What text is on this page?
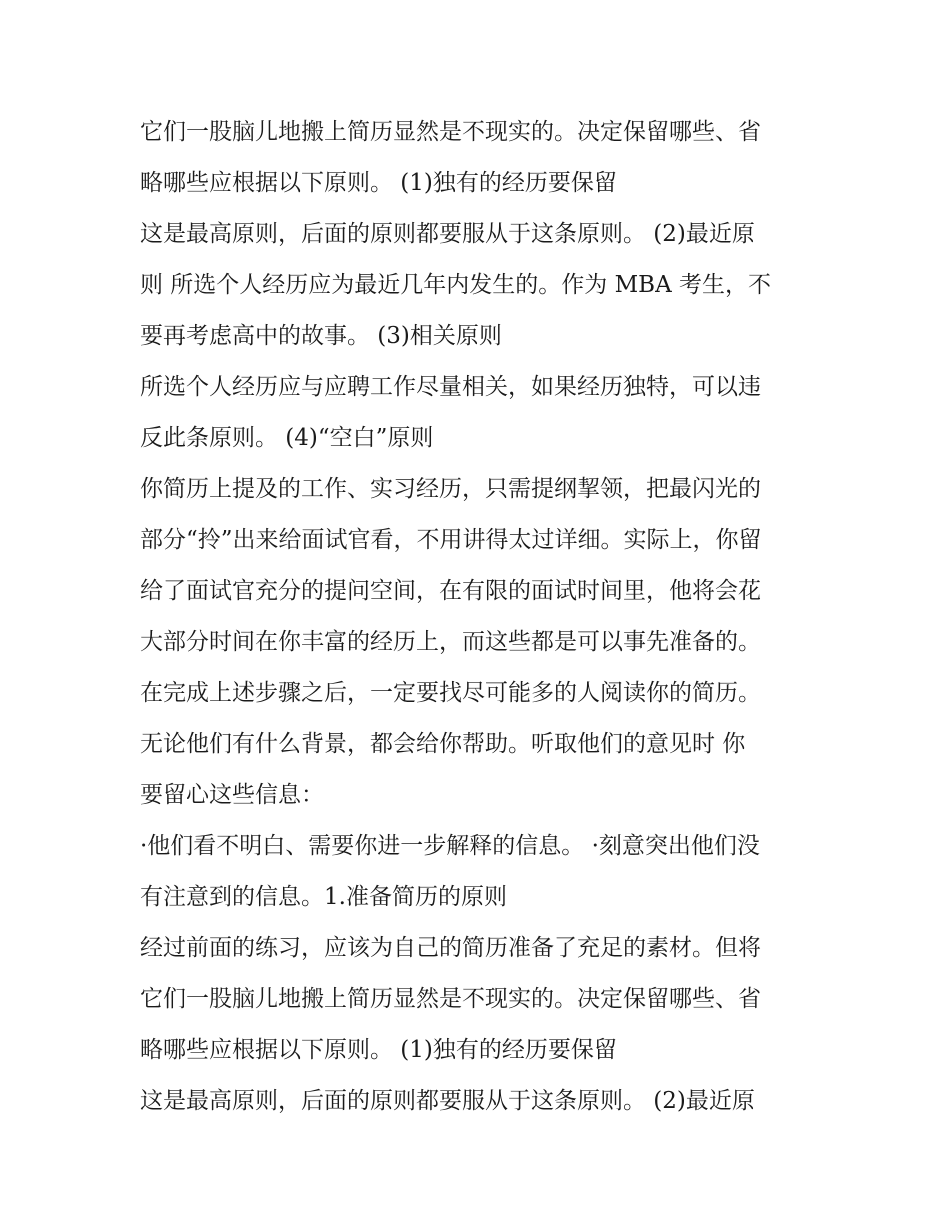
它们一股脑儿地搬上简历显然是不现实的。决定保留哪些、省
略哪些应根据以下原则。 (1)独有的经历要保留
这是最高原则，后面的原则都要服从于这条原则。 (2)最近原
则 所选个人经历应为最近几年内发生的。作为 MBA 考生，不
要再考虑高中的故事。 (3)相关原则
所选个人经历应与应聘工作尽量相关，如果经历独特，可以违
反此条原则。 (4)“空白”原则
你简历上提及的工作、实习经历，只需提纲挈领，把最闪光的
部分“拎”出来给面试官看，不用讲得太过详细。实际上，你留
给了面试官充分的提问空间，在有限的面试时间里，他将会花
大部分时间在你丰富的经历上，而这些都是可以事先准备的。
在完成上述步骤之后，一定要找尽可能多的人阅读你的简历。
无论他们有什么背景，都会给你帮助。听取他们的意见时 你
要留心这些信息：
·他们看不明白、需要你进一步解释的信息。 ·刻意突出他们没
有注意到的信息。1.准备简历的原则
经过前面的练习，应该为自己的简历准备了充足的素材。但将
它们一股脑儿地搬上简历显然是不现实的。决定保留哪些、省
略哪些应根据以下原则。 (1)独有的经历要保留
这是最高原则，后面的原则都要服从于这条原则。 (2)最近原
